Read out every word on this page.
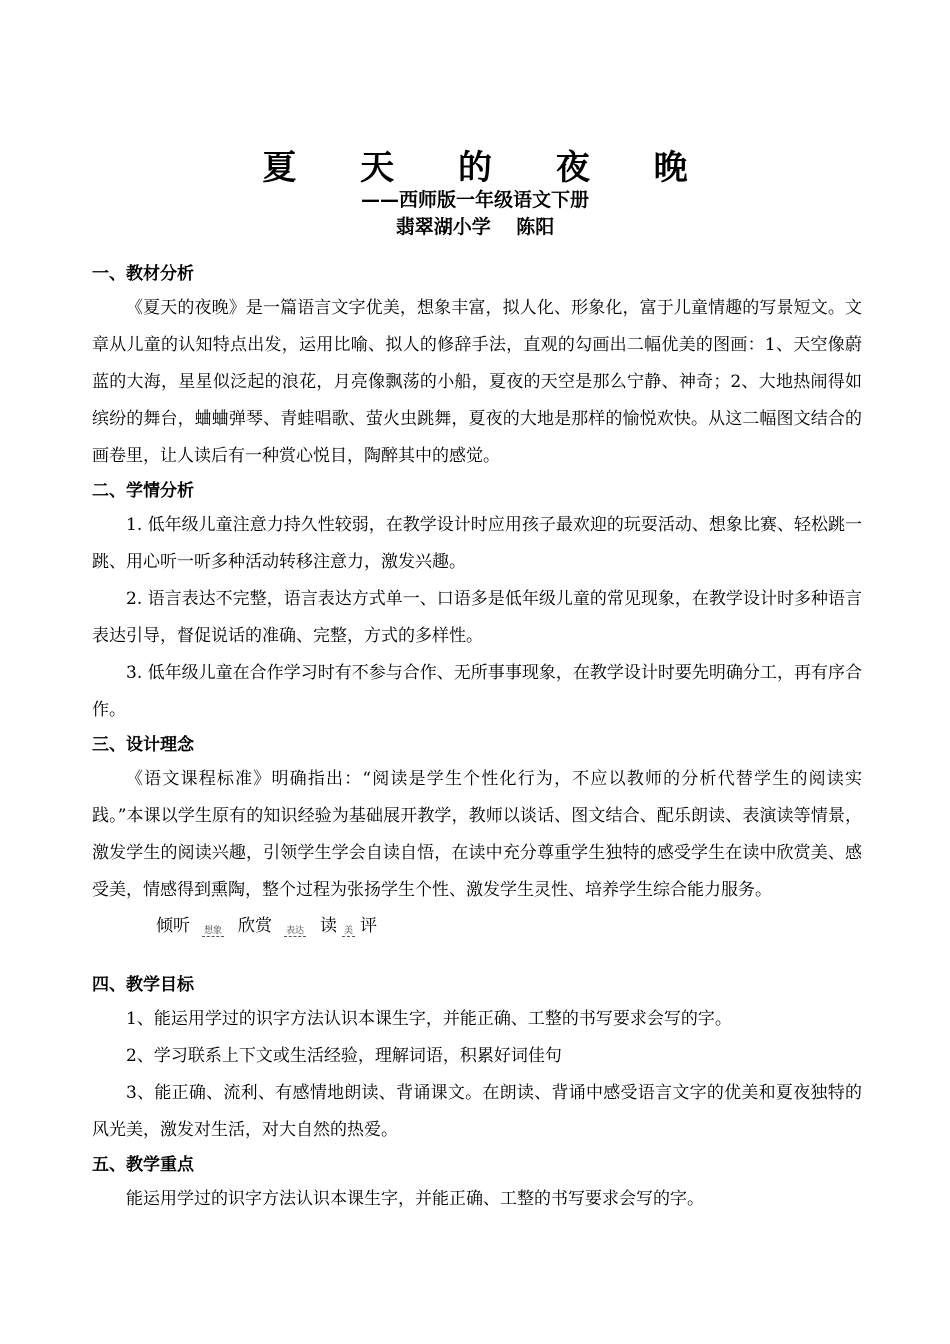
夏 天 的 夜 晚
——西师版一年级语文下册
翡翠湖小学　 陈阳
一、教材分析

《夏天的夜晚》是一篇语言文字优美，想象丰富，拟人化、形象化，富于儿童情趣的写景短文。文章从儿童的认知特点出发，运用比喻、拟人的修辞手法，直观的勾画出二幅优美的图画：1、天空像蔚蓝的大海，星星似泛起的浪花，月亮像飘荡的小船，夏夜的天空是那么宁静、神奇；2、大地热闹得如缤纷的舞台，蛐蛐弹琴、青蛙唱歌、萤火虫跳舞，夏夜的大地是那样的愉悦欢快。从这二幅图文结合的画卷里，让人读后有一种赏心悦目，陶醉其中的感觉。

二、学情分析

1. 低年级儿童注意力持久性较弱，在教学设计时应用孩子最欢迎的玩耍活动、想象比赛、轻松跳一跳、用心听一听多种活动转移注意力，激发兴趣。

2. 语言表达不完整，语言表达方式单一、口语多是低年级儿童的常见现象，在教学设计时多种语言表达引导，督促说话的准确、完整，方式的多样性。

3. 低年级儿童在合作学习时有不参与合作、无所事事现象，在教学设计时要先明确分工，再有序合作。

三、设计理念

《语文课程标准》明确指出：“阅读是学生个性化行为，不应以教师的分析代替学生的阅读实践。”本课以学生原有的知识经验为基础展开教学，教师以谈话、图文结合、配乐朗读、表演读等情景，激发学生的阅读兴趣，引领学生学会自读自悟，在读中充分尊重学生独特的感受学生在读中欣赏美、感受美，情感得到熏陶，整个过程为张扬学生个性、激发学生灵性、培养学生综合能力服务。

倾听 想象 欣赏 表达 读 美 评
四、教学目标

1、能运用学过的识字方法认识本课生字，并能正确、工整的书写要求会写的字。

2、学习联系上下文或生活经验，理解词语，积累好词佳句

3、能正确、流利、有感情地朗读、背诵课文。在朗读、背诵中感受语言文字的优美和夏夜独特的风光美，激发对生活，对大自然的热爱。

五、教学重点

能运用学过的识字方法认识本课生字，并能正确、工整的书写要求会写的字。
